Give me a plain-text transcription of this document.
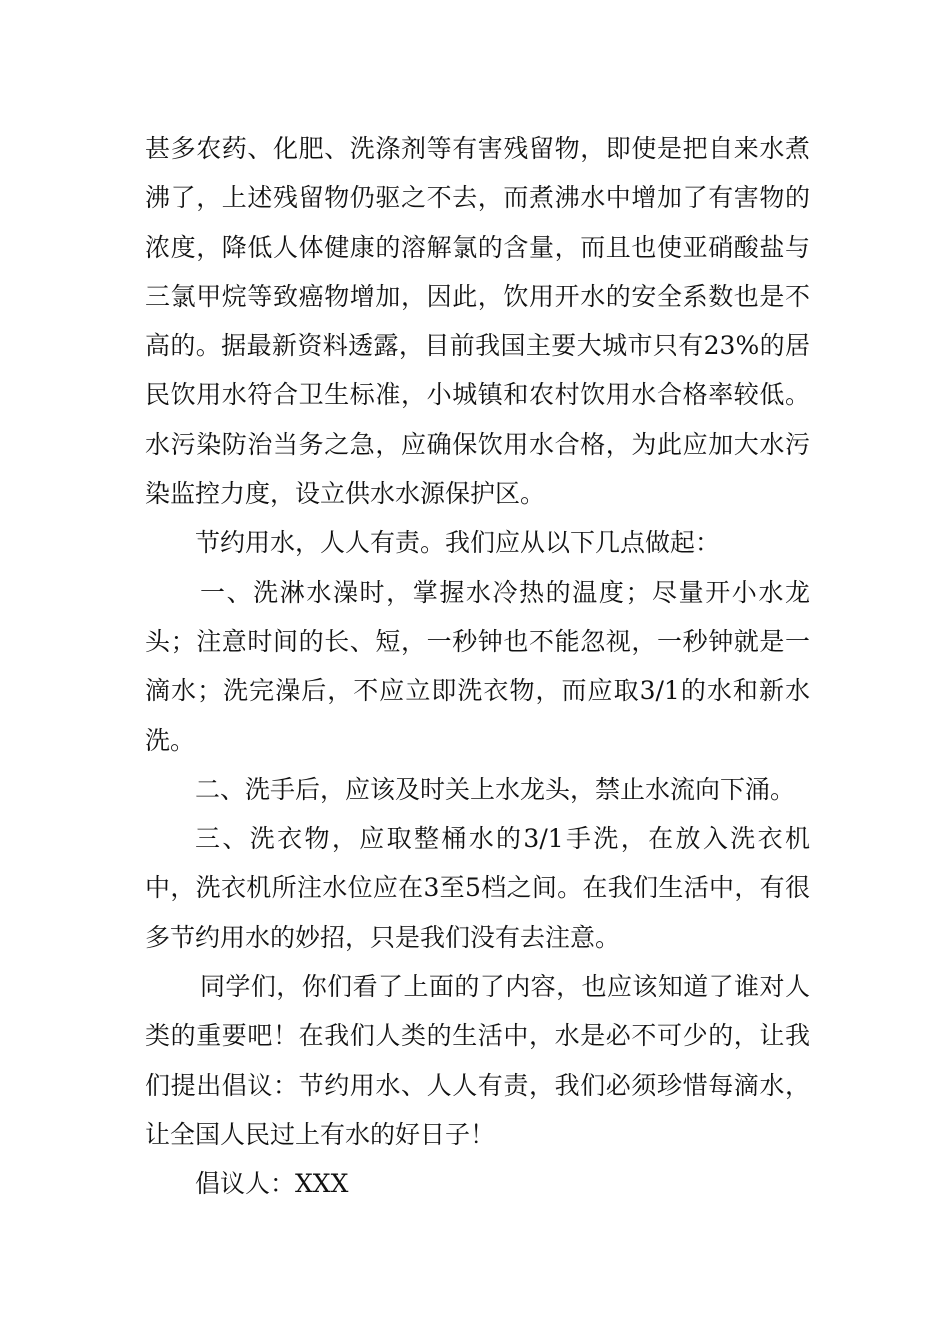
甚多农药、化肥、洗涤剂等有害残留物，即使是把自来水煮沸了，上述残留物仍驱之不去，而煮沸水中增加了有害物的浓度，降低人体健康的溶解氯的含量，而且也使亚硝酸盐与三氯甲烷等致癌物增加，因此，饮用开水的安全系数也是不高的。据最新资料透露，目前我国主要大城市只有23%的居民饮用水符合卫生标准，小城镇和农村饮用水合格率较低。水污染防治当务之急，应确保饮用水合格，为此应加大水污染监控力度，设立供水水源保护区。

节约用水，人人有责。我们应从以下几点做起：

一、洗淋水澡时，掌握水冷热的温度；尽量开小水龙头；注意时间的长、短，一秒钟也不能忽视，一秒钟就是一滴水；洗完澡后，不应立即洗衣物，而应取3/1的水和新水洗。

二、洗手后，应该及时关上水龙头，禁止水流向下涌。

三、洗衣物，应取整桶水的3/1手洗，在放入洗衣机中，洗衣机所注水位应在3至5档之间。在我们生活中，有很多节约用水的妙招，只是我们没有去注意。

同学们，你们看了上面的了内容，也应该知道了谁对人类的重要吧！在我们人类的生活中，水是必不可少的，让我们提出倡议：节约用水、人人有责，我们必须珍惜每滴水，让全国人民过上有水的好日子！

倡议人：XXX
